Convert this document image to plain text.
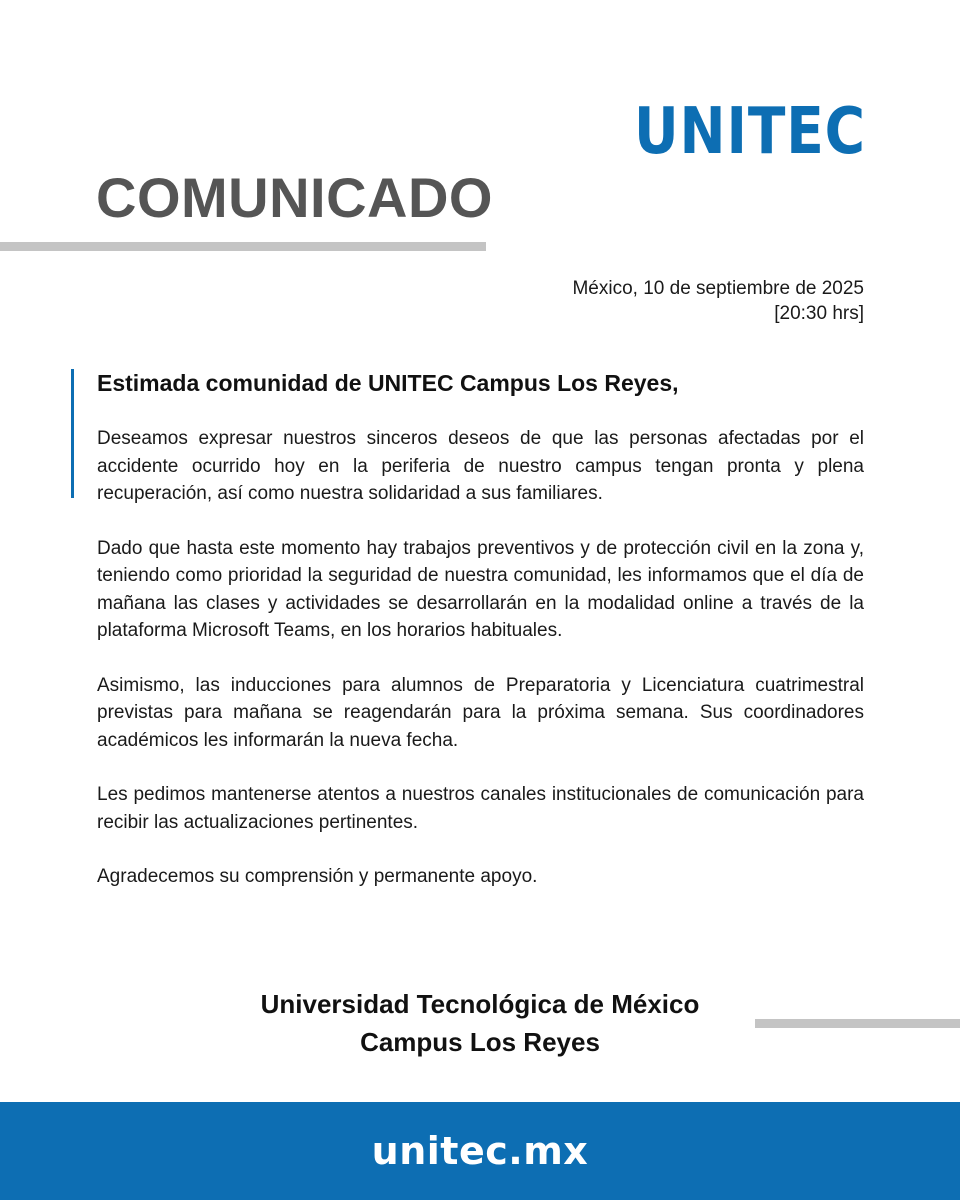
UNITEC
COMUNICADO
México, 10 de septiembre de 2025
[20:30 hrs]
Estimada comunidad de UNITEC Campus Los Reyes,

Deseamos expresar nuestros sinceros deseos de que las personas afectadas por el accidente ocurrido hoy en la periferia de nuestro campus tengan pronta y plena recuperación, así como nuestra solidaridad a sus familiares.

Dado que hasta este momento hay trabajos preventivos y de protección civil en la zona y, teniendo como prioridad la seguridad de nuestra comunidad, les informamos que el día de mañana las clases y actividades se desarrollarán en la modalidad online a través de la plataforma Microsoft Teams, en los horarios habituales.

Asimismo, las inducciones para alumnos de Preparatoria y Licenciatura cuatrimestral previstas para mañana se reagendarán para la próxima semana. Sus coordinadores académicos les informarán la nueva fecha.

Les pedimos mantenerse atentos a nuestros canales institucionales de comunicación para recibir las actualizaciones pertinentes.

Agradecemos su comprensión y permanente apoyo.

Universidad Tecnológica de México
Campus Los Reyes
unitec.mx
